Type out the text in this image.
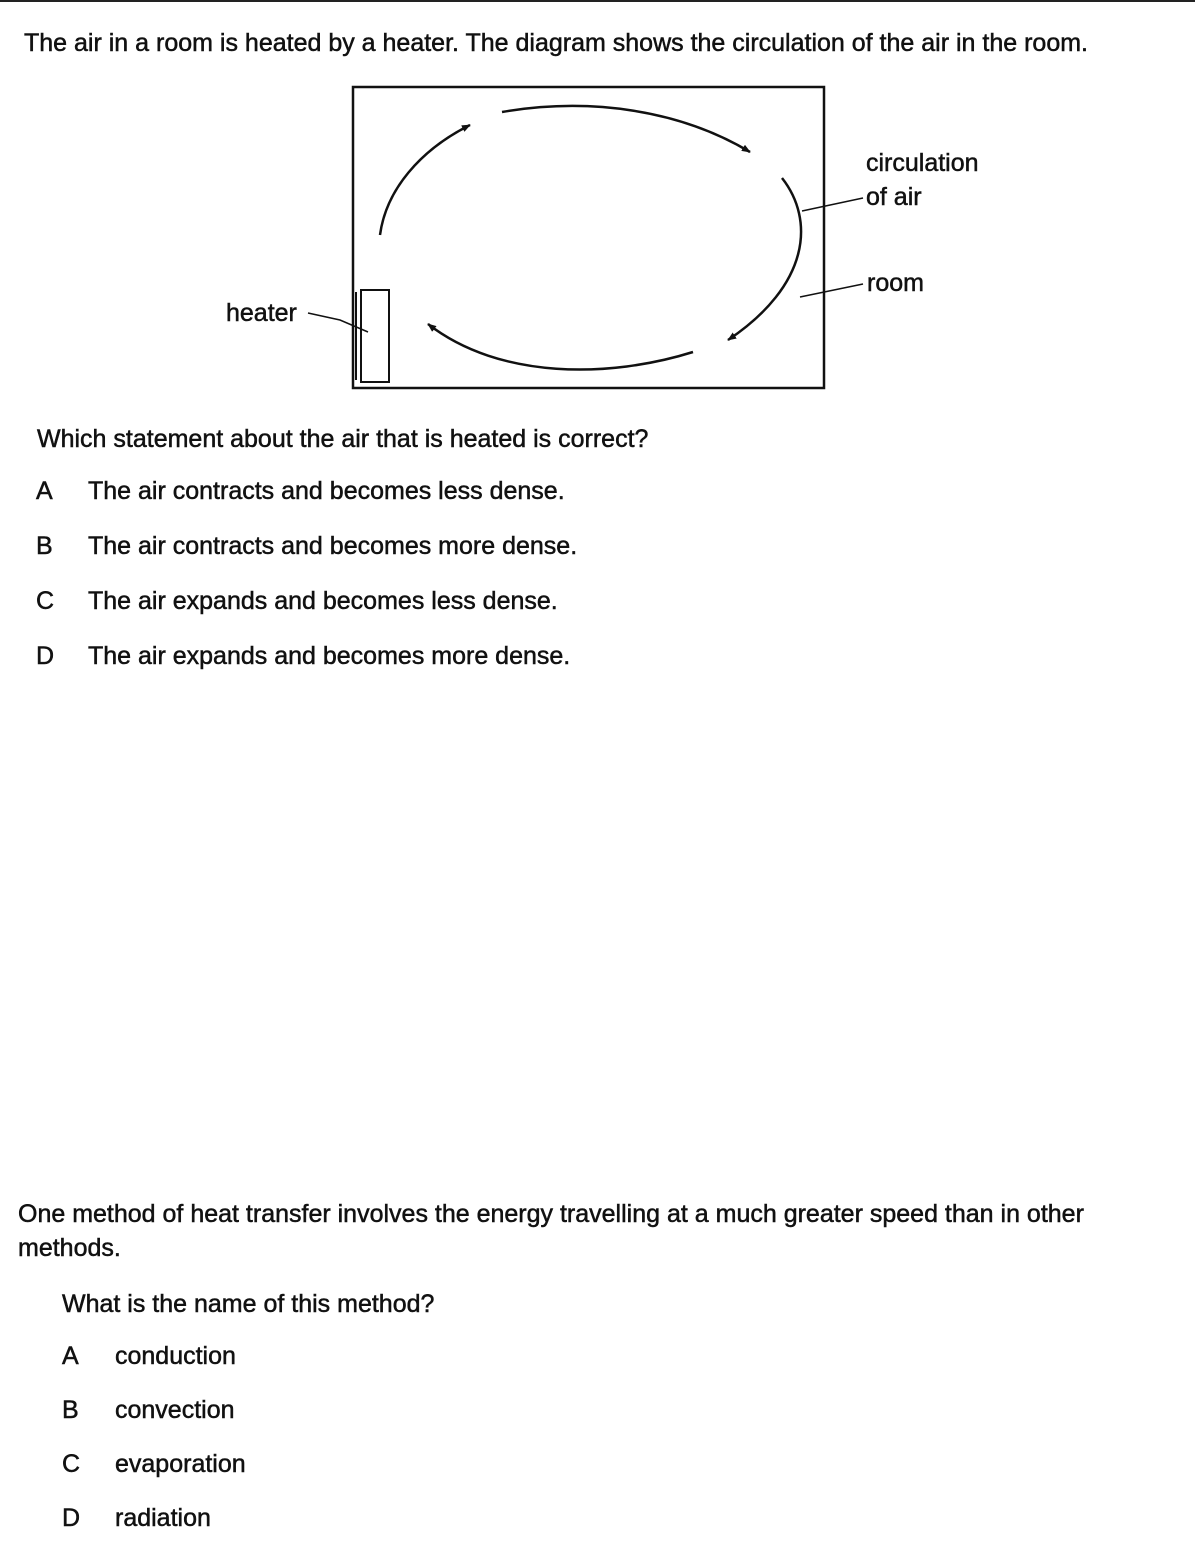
The air in a room is heated by a heater. The diagram shows the circulation of the air in the room.

circulation
of air
room
heater

Which statement about the air that is heated is correct?

A	The air contracts and becomes less dense.
B	The air contracts and becomes more dense.
C	The air expands and becomes less dense.
D	The air expands and becomes more dense.

One method of heat transfer involves the energy travelling at a much greater speed than in other methods.

What is the name of this method?

A	conduction
B	convection
C	evaporation
D	radiation
